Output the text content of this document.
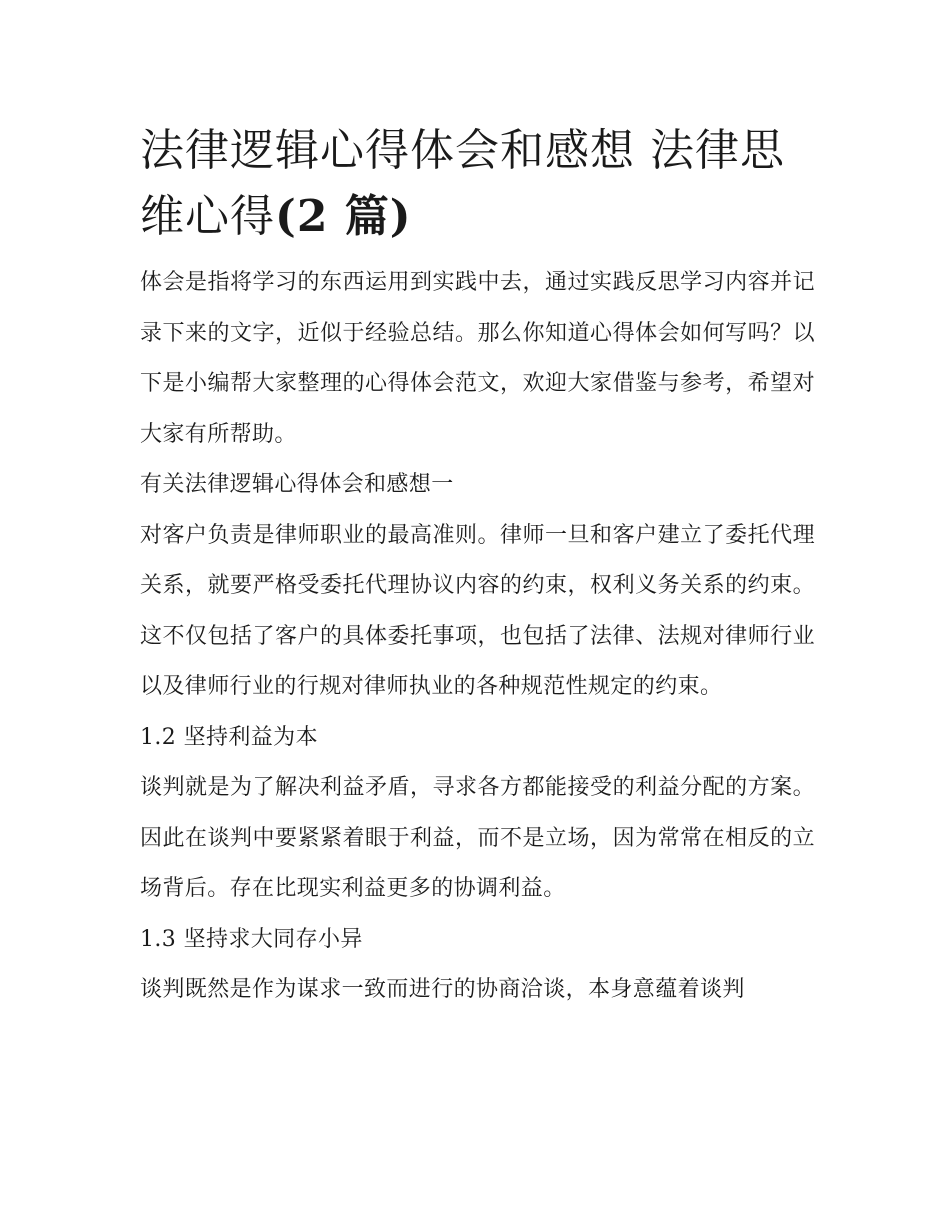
法律逻辑心得体会和感想 法律思维心得(2 篇)

体会是指将学习的东西运用到实践中去，通过实践反思学习内容并记录下来的文字，近似于经验总结。那么你知道心得体会如何写吗？以下是小编帮大家整理的心得体会范文，欢迎大家借鉴与参考，希望对大家有所帮助。

有关法律逻辑心得体会和感想一

对客户负责是律师职业的最高准则。律师一旦和客户建立了委托代理关系，就要严格受委托代理协议内容的约束，权利义务关系的约束。这不仅包括了客户的具体委托事项，也包括了法律、法规对律师行业以及律师行业的行规对律师执业的各种规范性规定的约束。

1.2 坚持利益为本

谈判就是为了解决利益矛盾，寻求各方都能接受的利益分配的方案。因此在谈判中要紧紧着眼于利益，而不是立场，因为常常在相反的立场背后。存在比现实利益更多的协调利益。

1.3 坚持求大同存小异

谈判既然是作为谋求一致而进行的协商洽谈，本身意蕴着谈判
